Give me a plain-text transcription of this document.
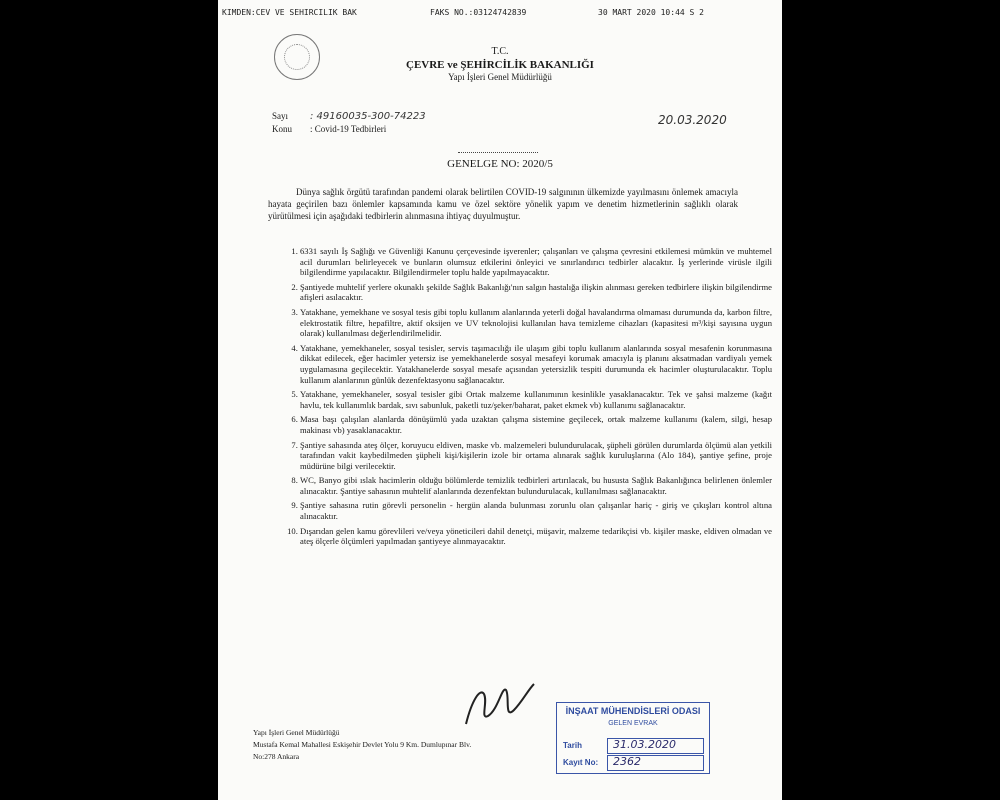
KIMDEN:CEV VE SEHIRCILIK BAK	FAKS NO.:03124742839	30 MART 2020 10:44 S 2
T.C.
ÇEVRE ve ŞEHİRCİLİK BAKANLIĞI
Yapı İşleri Genel Müdürlüğü
Sayı : 49160035-300-74223
Konu : Covid-19 Tedbirleri
20.03.2020
GENELGE NO: 2020/5

Dünya sağlık örgütü tarafından pandemi olarak belirtilen COVID-19 salgınının ülkemizde yayılmasını önlemek amacıyla hayata geçirilen bazı önlemler kapsamında kamu ve özel sektöre yönelik yapım ve denetim hizmetlerinin sağlıklı olarak yürütülmesi için aşağıdaki tedbirlerin alınmasına ihtiyaç duyulmuştur.

1. 6331 sayılı İş Sağlığı ve Güvenliği Kanunu çerçevesinde işverenler; çalışanları ve çalışma çevresini etkilemesi mümkün ve muhtemel acil durumları belirleyecek ve bunların olumsuz etkilerini önleyici ve sınırlandırıcı tedbirler alacaktır. İş yerlerinde virüsle ilgili bilgilendirme yapılacaktır. Bilgilendirmeler toplu halde yapılmayacaktır.
2. Şantiyede muhtelif yerlere okunaklı şekilde Sağlık Bakanlığı'nın salgın hastalığa ilişkin alınması gereken tedbirlere ilişkin bilgilendirme afişleri asılacaktır.
3. Yatakhane, yemekhane ve sosyal tesis gibi toplu kullanım alanlarında yeterli doğal havalandırma olmaması durumunda da, karbon filtre, elektrostatik filtre, hepafiltre, aktif oksijen ve UV teknolojisi kullanılan hava temizleme cihazları (kapasitesi m³/kişi sayısına uygun olarak) kullanılması değerlendirilmelidir.
4. Yatakhane, yemekhaneler, sosyal tesisler, servis taşımacılığı ile ulaşım gibi toplu kullanım alanlarında sosyal mesafenin korunmasına dikkat edilecek, eğer hacimler yetersiz ise yemekhanelerde sosyal mesafeyi korumak amacıyla iş planını aksatmadan vardiyalı yemek uygulamasına geçilecektir. Yatakhanelerde sosyal mesafe açısından yetersizlik tespiti durumunda ek hacimler oluşturulacaktır. Toplu kullanım alanlarının günlük dezenfektasyonu sağlanacaktır.
5. Yatakhane, yemekhaneler, sosyal tesisler gibi Ortak malzeme kullanımının kesinlikle yasaklanacaktır. Tek ve şahsi malzeme (kağıt havlu, tek kullanımlık bardak, sıvı sabunluk, paketli tuz/şeker/baharat, paket ekmek vb) kullanımı sağlanacaktır.
6. Masa başı çalışılan alanlarda dönüşümlü yada uzaktan çalışma sistemine geçilecek, ortak malzeme kullanımı (kalem, silgi, hesap makinası vb) yasaklanacaktır.
7. Şantiye sahasında ateş ölçer, koruyucu eldiven, maske vb. malzemeleri bulundurulacak, şüpheli görülen durumlarda ölçümü alan yetkili tarafından vakit kaybedilmeden şüpheli kişi/kişilerin izole bir ortama alınarak sağlık kuruluşlarına (Alo 184), şantiye şefine, proje müdürüne bilgi verilecektir.
8. WC, Banyo gibi ıslak hacimlerin olduğu bölümlerde temizlik tedbirleri artırılacak, bu hususta Sağlık Bakanlığınca belirlenen önlemler alınacaktır. Şantiye sahasının muhtelif alanlarında dezenfektan bulundurulacak, kullanılması sağlanacaktır.
9. Şantiye sahasına rutin görevli personelin - hergün alanda bulunması zorunlu olan çalışanlar hariç - giriş ve çıkışları kontrol altına alınacaktır.
10. Dışarıdan gelen kamu görevlileri ve/veya yöneticileri dahil denetçi, müşavir, malzeme tedarikçisi vb. kişiler maske, eldiven olmadan ve ateş ölçerle ölçümleri yapılmadan şantiyeye alınmayacaktır.
Yapı İşleri Genel Müdürlüğü
Mustafa Kemal Mahallesi Eskişehir Devlet Yolu 9 Km. Dumlupınar Blv.
No:278 Ankara
İNŞAAT MÜHENDİSLERİ ODASI
GELEN EVRAK
Tarih	31.03.2020
Kayıt No: 2362
